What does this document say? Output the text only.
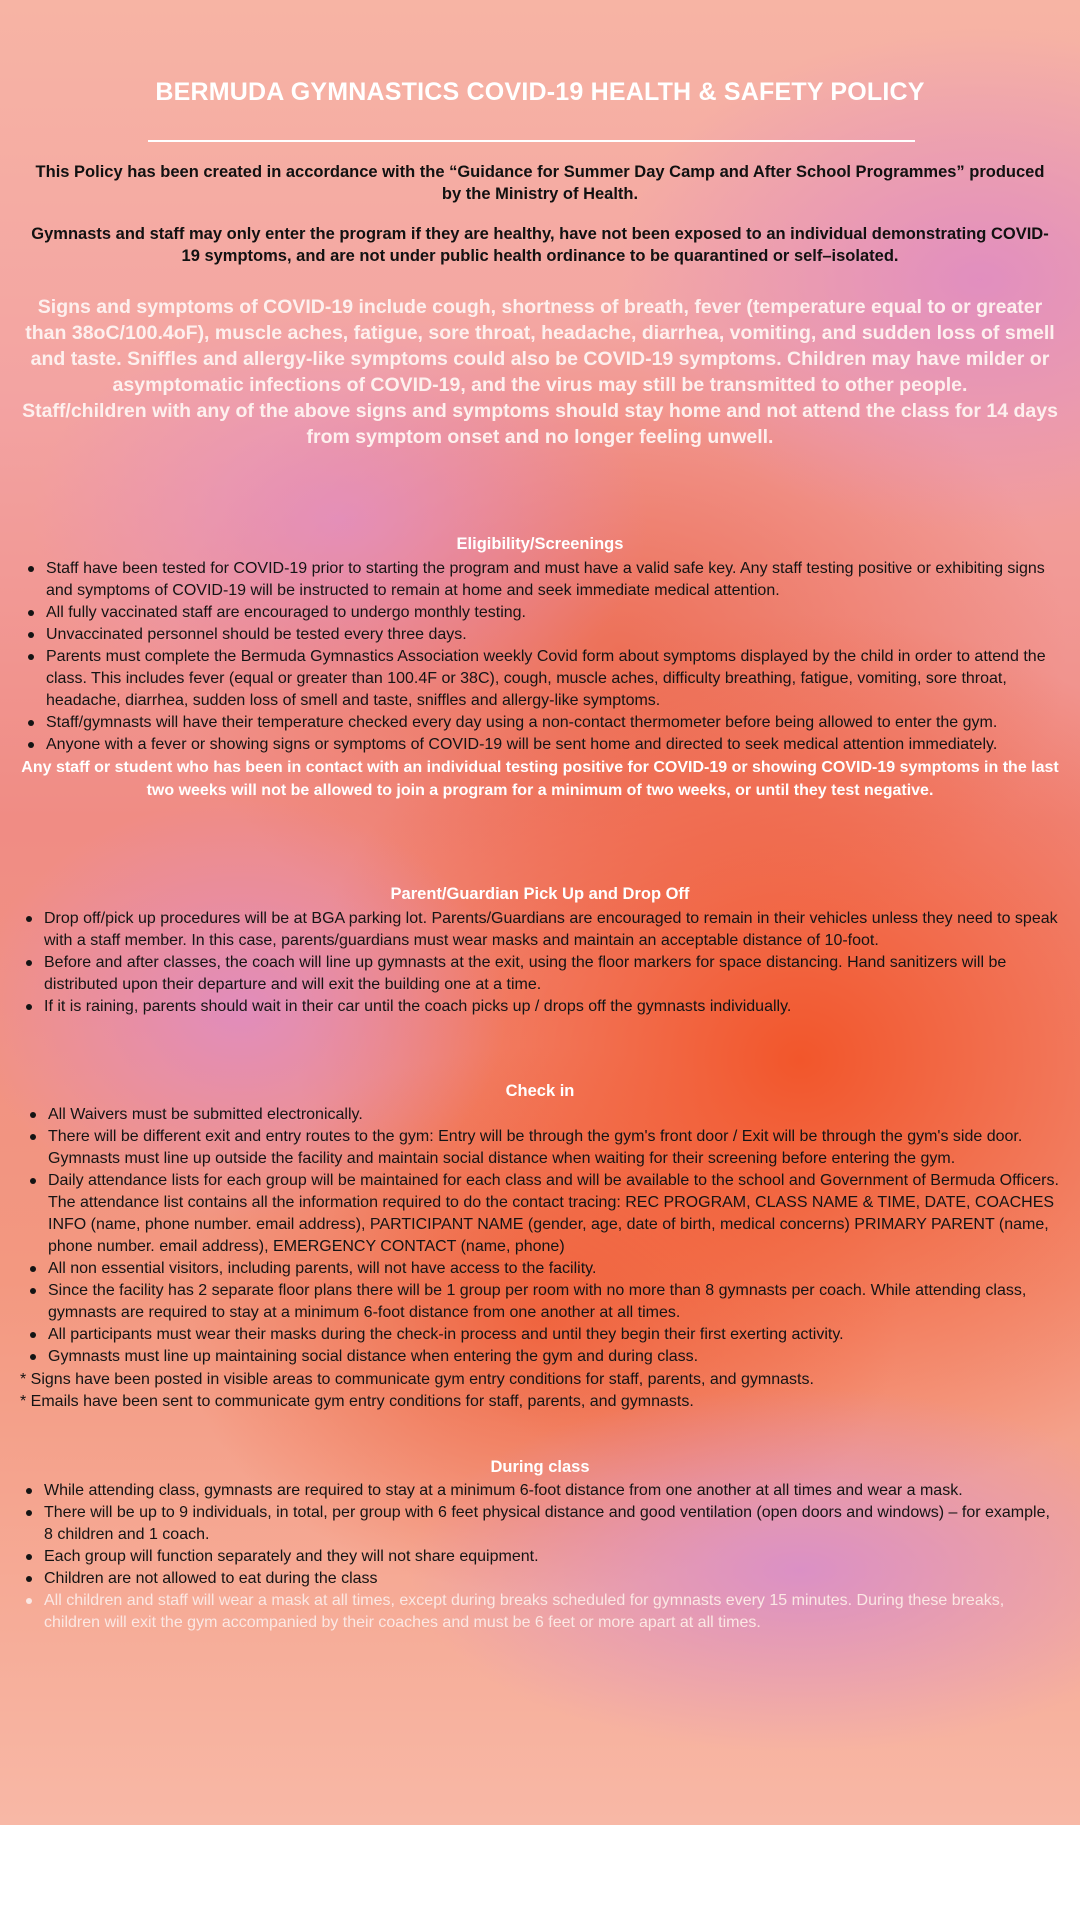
BERMUDA GYMNASTICS COVID-19 HEALTH & SAFETY POLICY
This Policy has been created in accordance with the “Guidance for Summer Day Camp and After School Programmes” produced by the Ministry of Health.
Gymnasts and staff may only enter the program if they are healthy, have not been exposed to an individual demonstrating COVID-19 symptoms, and are not under public health ordinance to be quarantined or self–isolated.
Signs and symptoms of COVID-19 include cough, shortness of breath, fever (temperature equal to or greater than 38oC/100.4oF), muscle aches, fatigue, sore throat, headache, diarrhea, vomiting, and sudden loss of smell and taste. Sniffles and allergy-like symptoms could also be COVID-19 symptoms. Children may have milder or asymptomatic infections of COVID-19, and the virus may still be transmitted to other people.
Staff/children with any of the above signs and symptoms should stay home and not attend the class for 14 days from symptom onset and no longer feeling unwell.
Eligibility/Screenings
Staff have been tested for COVID-19 prior to starting the program and must have a valid safe key. Any staff testing positive or exhibiting signs and symptoms of COVID-19 will be instructed to remain at home and seek immediate medical attention.
All fully vaccinated staff are encouraged to undergo monthly testing.
Unvaccinated personnel should be tested every three days.
Parents must complete the Bermuda Gymnastics Association weekly Covid form about symptoms displayed by the child in order to attend the class. This includes fever (equal or greater than 100.4F or 38C), cough, muscle aches, difficulty breathing, fatigue, vomiting, sore throat, headache, diarrhea, sudden loss of smell and taste, sniffles and allergy-like symptoms.
Staff/gymnasts will have their temperature checked every day using a non-contact thermometer before being allowed to enter the gym.
Anyone with a fever or showing signs or symptoms of COVID-19 will be sent home and directed to seek medical attention immediately.
Any staff or student who has been in contact with an individual testing positive for COVID-19 or showing COVID-19 symptoms in the last two weeks will not be allowed to join a program for a minimum of two weeks, or until they test negative.
Parent/Guardian Pick Up and Drop Off
Drop off/pick up procedures will be at BGA parking lot. Parents/Guardians are encouraged to remain in their vehicles unless they need to speak with a staff member. In this case, parents/guardians must wear masks and maintain an acceptable distance of 10-foot.
Before and after classes, the coach will line up gymnasts at the exit, using the floor markers for space distancing. Hand sanitizers will be distributed upon their departure and will exit the building one at a time.
If it is raining, parents should wait in their car until the coach picks up / drops off the gymnasts individually.
Check in
All Waivers must be submitted electronically.
There will be different exit and entry routes to the gym: Entry will be through the gym's front door / Exit will be through the gym's side door. Gymnasts must line up outside the facility and maintain social distance when waiting for their screening before entering the gym.
Daily attendance lists for each group will be maintained for each class and will be available to the school and Government of Bermuda Officers. The attendance list contains all the information required to do the contact tracing: REC PROGRAM, CLASS NAME & TIME, DATE, COACHES INFO (name, phone number. email address), PARTICIPANT NAME (gender, age, date of birth, medical concerns) PRIMARY PARENT (name, phone number. email address), EMERGENCY CONTACT (name, phone)
All non essential visitors, including parents, will not have access to the facility.
Since the facility has 2 separate floor plans there will be 1 group per room with no more than 8 gymnasts per coach. While attending class, gymnasts are required to stay at a minimum 6-foot distance from one another at all times.
All participants must wear their masks during the check-in process and until they begin their first exerting activity.
Gymnasts must line up maintaining social distance when entering the gym and during class.
* Signs have been posted in visible areas to communicate gym entry conditions for staff, parents, and gymnasts.
* Emails have been sent to communicate gym entry conditions for staff, parents, and gymnasts.
During class
While attending class, gymnasts are required to stay at a minimum 6-foot distance from one another at all times and wear a mask.
There will be up to 9 individuals, in total, per group with 6 feet physical distance and good ventilation (open doors and windows) – for example, 8 children and 1 coach.
Each group will function separately and they will not share equipment.
Children are not allowed to eat during the class
All children and staff will wear a mask at all times, except during breaks scheduled for gymnasts every 15 minutes. During these breaks, children will exit the gym accompanied by their coaches and must be 6 feet or more apart at all times.
